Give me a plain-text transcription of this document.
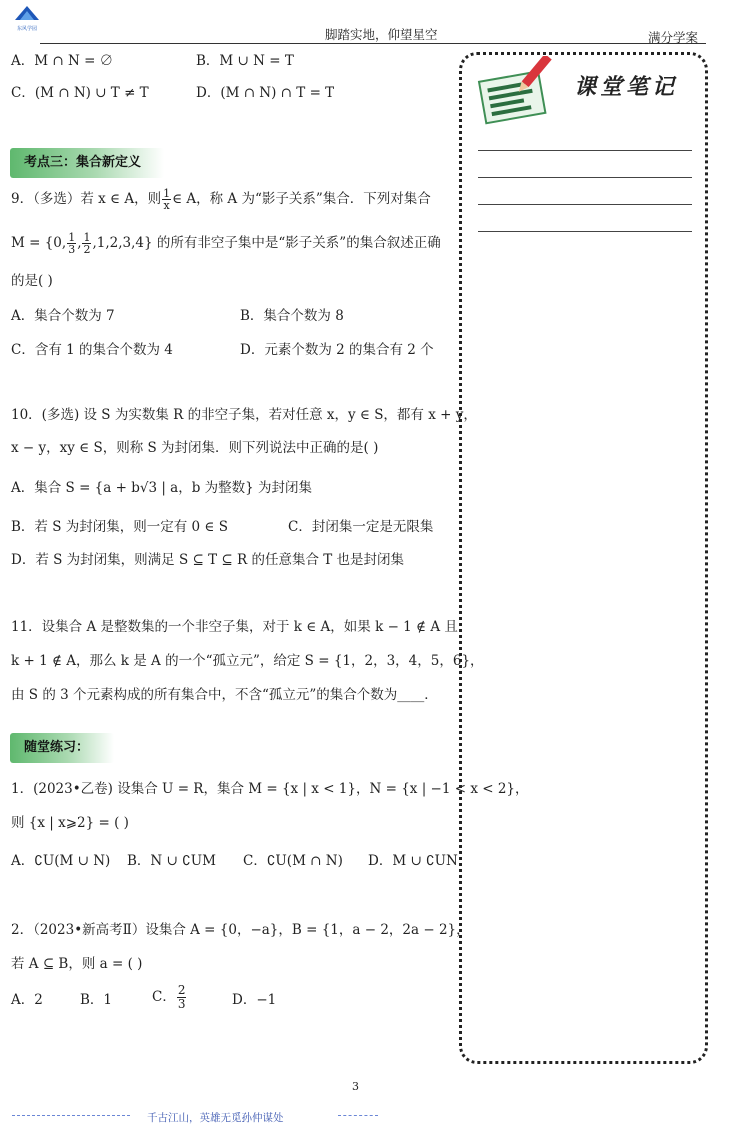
东风学园	脚踏实地，仰望星空	满分学案
课堂笔记
A．M ∩ N = ∅	B．M ∪ N = T
C．(M ∩ N) ∪ T ≠ T	D．(M ∩ N) ∩ T = T
考点三：集合新定义
9．（多选）若 x ∈ A，则 $\frac{1}{x}$ ∈ A，称 A 为“影子关系”集合．下列对集合
M = {0, $\frac{1}{3}$ , $\frac{1}{2} ,1,2,3,4$} 的所有非空子集中是“影子关系”的集合叙述正确
的是( )
A．集合个数为 7	B．集合个数为 8
C．含有 1 的集合个数为 4	D．元素个数为 2 的集合有 2 个
10．(多选) 设 S 为实数集 R 的非空子集，若对任意 x，y ∈ S，都有 x + y，
x − y，xy ∈ S，则称 S 为封闭集．则下列说法中正确的是( )
A．集合 S = {a + b√3 | a，b 为整数} 为封闭集
B．若 S 为封闭集，则一定有 0 ∈ S	C．封闭集一定是无限集
D．若 S 为封闭集，则满足 S ⊆ T ⊆ R 的任意集合 T 也是封闭集
11．设集合 A 是整数集的一个非空子集，对于 k ∈ A，如果 k − 1 ∉ A 且
k + 1 ∉ A，那么 k 是 A 的一个“孤立元”，给定 S = {1，2，3，4，5，6}，
由 S 的 3 个元素构成的所有集合中，不含“孤立元”的集合个数为____．
随堂练习：
1．(2023•乙卷) 设集合 U = R，集合 M = {x | x < 1}，N = {x | −1 < x < 2}，
则 {x | x⩾2} = ( )
A．∁U(M ∪ N) B．N ∪ ∁UM C．∁U(M ∩ N) D．M ∪ ∁UN
2．（2023•新高考Ⅱ）设集合 A = {0，−a}，B = {1，a − 2，2a − 2}，
若 A ⊆ B，则 a = ( )
A．2	B．1	C． $\frac{2}{3}$	D．−1
3
千古江山，英雄无觅孙仲谋处
